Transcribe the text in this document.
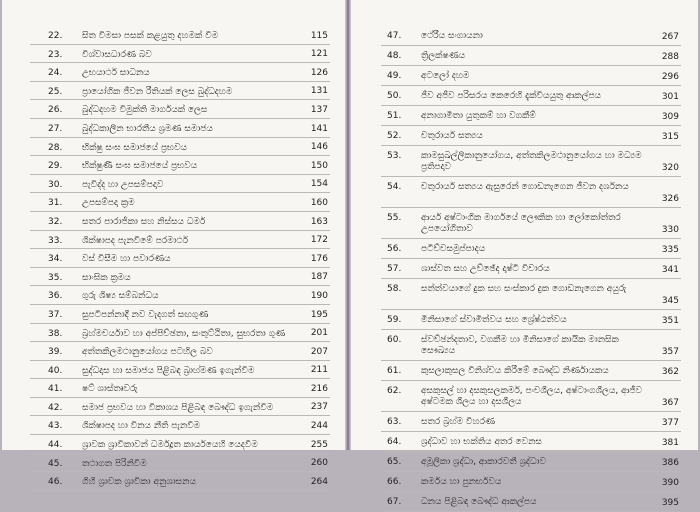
22. සිත විමසා පසක් කළයුතු දහමක් වීම	115
23. විශ්වාසධාරණ බව	121
24. උභයාර්ථ සාධනය	126
25. ප්‍රායෝගික ජීවන රීතියක් ලෙස බුද්ධදහම	131
26. බුද්ධදහම විමුක්ති මාර්ගයක් ලෙස	137
27. බුද්ධකාලීන භාරතීය ශ්‍රමණ සමාජය	141
28. භික්ෂු සංඝ සමාජයේ ප්‍රභවය	146
29. භික්ෂුණී සංඝ සමාජයේ ප්‍රභවය	150
30. පැවිද්ද හා උපසම්පදාව	154
31. උපසම්පදා ක්‍රම	160
32. සතර පාරාජිකා සහ නිස්සය ධර්ම	163
33. ශික්ෂාපද පැනවීමේ පරමාර්ථ	172
34. වස් විසීම හා පවාරණය	176
35. සාංඝික ක්‍රමය	187
36. ගුරු ශිෂ්‍ය සම්බන්ධය	190
37. සුපටිපන්නාදී නව වැදගත් සඟගුණ	195
38. බ්‍රහ්මචර්යාව හා අප්පිච්ඡතා, සංතුට්ඨිතා, සුභරතා ගුණ	201
39. අත්තකිලමථානුයෝගය පටහිල බව	207
40. සුද්ධදාස හා සමාජය පිළිබඳ බ්‍රාහ්මණ ඉගැන්වීම	211
41. ෂට් ශාස්තෘවරු	216
42. සමාජ ප්‍රභවය හා විකාශය පිළිබඳ බෞද්ධ ඉගැන්වීම	237
43. ශික්ෂාපද හා විනය නීති පැනවීම	244
44. ශ්‍රාවක ශ්‍රාවිකාවන් ධර්මදූත කාර්යයෙහි යෙදවීම	255
45. තථාගත පිරිනිවීම	260
46. ගිහි ශ්‍රාවක ශ්‍රාවිකා අනුශාසනය	264
47. ථේරීය සංගායනා	267
48. ත්‍රිලක්ෂණය	288
49. අටලෝ දහම	296
50. ජීව අජීව පරිසරය කෙරෙහි දැක්වියයුතු ආකල්පය	301
51. අනාගාමිතා යුතුකම් හා වගකීම්	309
52. චතුරාර්ය සත්‍යය	315
53. කාමසුඛල්ලිකානුයෝගය, අත්තකිලමථානුයෝගය හා මධ්‍යම ප්‍රතිපදාව	320
54. චතුරාර්ය සත්‍යය ඇසුරෙන් ගොඩනැගෙන ජීවන දර්ශනය
326
55. ආර්ය අෂ්ටාංගික මාර්ගයේ ලෞකික හා ලෝකෝත්තර උපයෝගිතාව	330
56. පටිච්චසමුප්පාදය	335
57. ශාස්වත සහ උච්ඡේද දෘෂ්ටි විචාරය	341
58. සත්ත්වයාගේ දුක සහ සංස්කාර දුක ගොඩනැගෙන අයුරු
345
59. මිනිසාගේ ස්වාමිත්වය සහ ශ්‍රේෂ්ඨත්වය	351
60. ස්වච්ඡන්දතාව, වගකීම හා මිනිසාගේ කායික මානසික සෞඛ්‍යය	357
61. කුසලාකුසල විනිශ්චය කිරීමේ බෞද්ධ නිර්ණායකය	362
62. අසකුසල් හා දසකුසලකර්ම, පංචශීලය, අෂ්ටාංගශීලය, ආජීව අෂ්ටමක ශීලය හා දසශීලය	367
63. සතර බ්‍රහ්ම විහරණ	377
64. ශ්‍රද්ධාව හා භක්තිය අතර වෙනස	381
65. අමූලිකා ශ්‍රද්ධා, ආකාරවතී ශ්‍රද්ධාව	386
66. කර්මය හා පුනර්භවය	390
67. ධනය පිළිබඳ බෞද්ධ ආකල්පය	395
